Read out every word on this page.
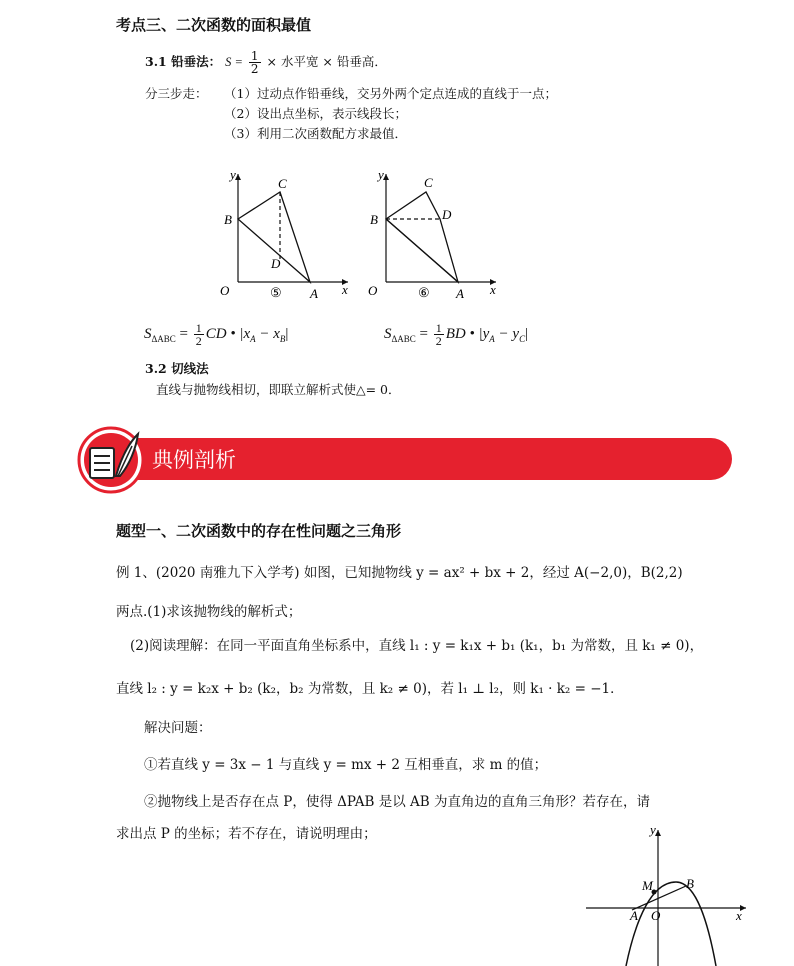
考点三、二次函数的面积最值
3.1 铅垂法： $S = \frac{1}{2}$ × 水平宽 × 铅垂高．
分三步走： （1）过动点作铅垂线，交另外两个定点连成的直线于一点；
（2）设出点坐标，表示线段长；
（3）利用二次函数配方求最值．
y
x
O	A
B
C
D
⑤
y
x
O	A
B
C
D
⑥
$S_{\Delta ABC} = \frac{1}{2}$ CD • $|x_A - x_B|$	$S_{\Delta ABC} = \frac{1}{2}$ BD • $|y_A - y_C|$
3.2 切线法
直线与抛物线相切，即联立解析式使△= 0．
典例剖析
题型一、二次函数中的存在性问题之三角形
例 1、(2020 南雅九下入学考) 如图，已知抛物线 y = ax² + bx + 2，经过 A(−2,0)，B(2,2)
两点.(1)求该抛物线的解析式；
(2)阅读理解：在同一平面直角坐标系中，直线 l₁ : y = k₁x + b₁ (k₁，b₁ 为常数，且 k₁ ≠ 0)，
直线 l₂ : y = k₂x + b₂ (k₂，b₂ 为常数，且 k₂ ≠ 0)，若 l₁ ⊥ l₂，则 k₁ · k₂ = −1．
解决问题：
①若直线 y = 3x − 1 与直线 y = mx + 2 互相垂直，求 m 的值；
②抛物线上是否存在点 P，使得 ΔPAB 是以 AB 为直角边的直角三角形？若存在，请
求出点 P 的坐标；若不存在，请说明理由；	y
x
O
A
B
M
